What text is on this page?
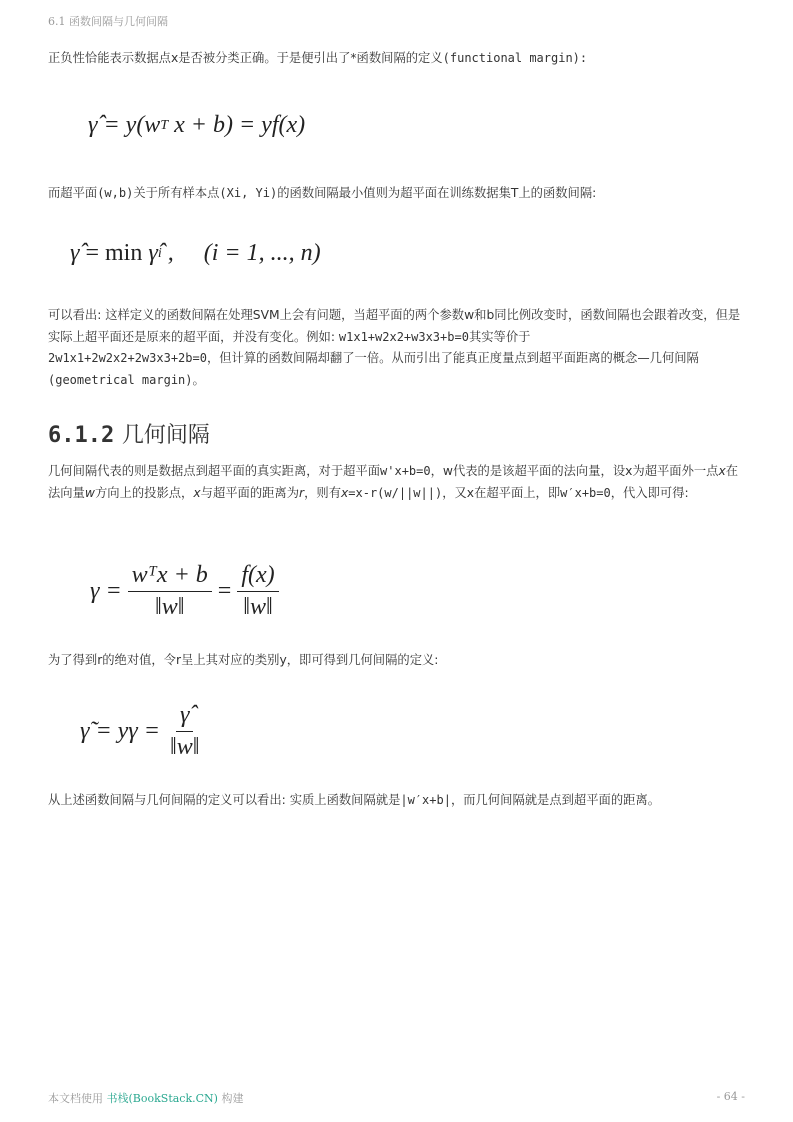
6.1 函数间隔与几何间隔
正负性恰能表示数据点x是否被分类正确。于是便引出了*函数间隔的定义(functional margin):
γ̂ = y(w T x + b) = yf(x)
而超平面(w,b)关于所有样本点(Xi, Yi)的函数间隔最小值则为超平面在训练数据集T上的函数间隔:
γ̂ = min γ̂ i ,     (i = 1, ..., n)
可以看出: 这样定义的函数间隔在处理SVM上会有问题，当超平面的两个参数w和b同比例改变时，函数间隔也会跟着改变，但是实际上超平面还是原来的超平面，并没有变化。例如: w1x1+w2x2+w3x3+b=0其实等价于
2w1x1+2w2x2+2w3x3+2b=0，但计算的函数间隔却翻了一倍。从而引出了能真正度量点到超平面距离的概念—几何间隔(geometrical margin)。
6.1.2 几何间隔
几何间隔代表的则是数据点到超平面的真实距离，对于超平面w'x+b=0，w代表的是该超平面的法向量，设x为超平面外一点x在法向量w方向上的投影点，x与超平面的距离为r，则有x=x-r(w/||w||)，又x在超平面上，即w′x+b=0，代入即可得:
$\gamma = \frac{\text{wᵀx + b}}{‖w‖} = \frac{f(x)}{‖w‖}$
为了得到r的绝对值，令r呈上其对应的类别y，即可得到几何间隔的定义:
γ̃ = $y\gamma = \frac{\gammâ}{‖w‖}$
从上述函数间隔与几何间隔的定义可以看出: 实质上函数间隔就是|w′x+b|，而几何间隔就是点到超平面的距离。
本文档使用 书栈(BookStack.CN) 构建	- 64 -
